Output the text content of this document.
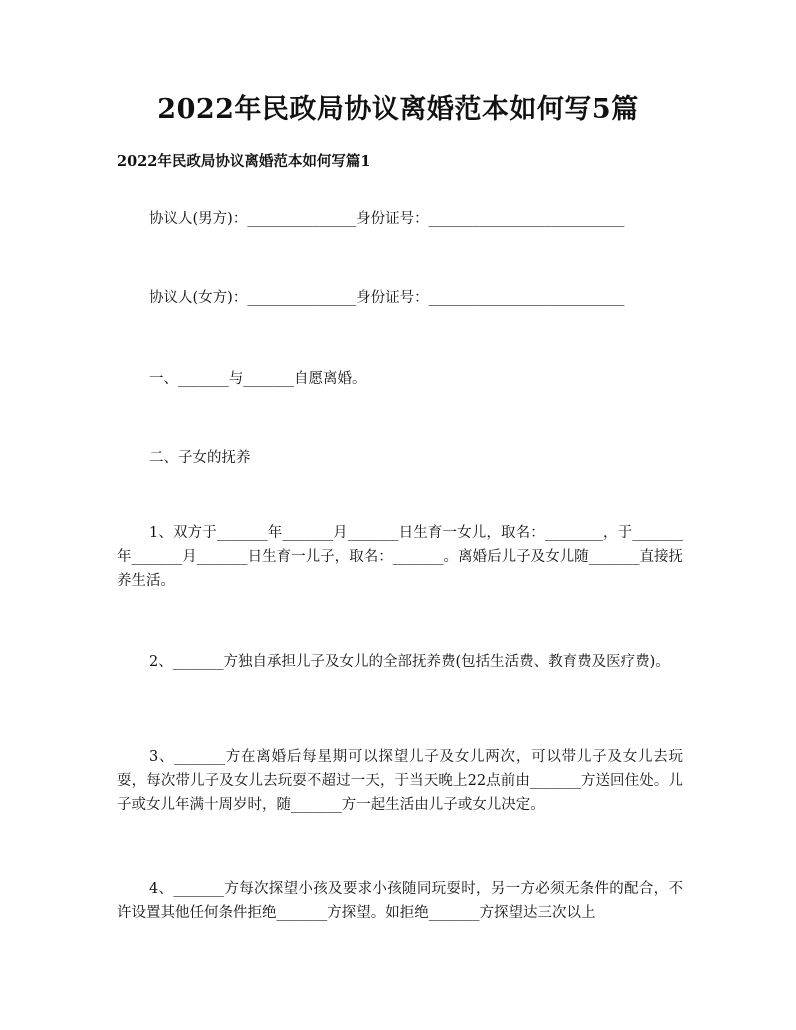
2022年民政局协议离婚范本如何写5篇
2022年民政局协议离婚范本如何写篇1
协议人(男方)：_______________身份证号：___________________________
协议人(女方)：_______________身份证号：___________________________
一、_______与_______自愿离婚。
二、子女的抚养
1、双方于_______年_______月_______日生育一女儿，取名：________，于_______年_______月_______日生育一儿子，取名：_______。离婚后儿子及女儿随_______直接抚养生活。
2、_______方独自承担儿子及女儿的全部抚养费(包括生活费、教育费及医疗费)。
3、_______方在离婚后每星期可以探望儿子及女儿两次，可以带儿子及女儿去玩耍，每次带儿子及女儿去玩耍不超过一天，于当天晚上22点前由_______方送回住处。儿子或女儿年满十周岁时，随_______方一起生活由儿子或女儿决定。
4、_______方每次探望小孩及要求小孩随同玩耍时，另一方必须无条件的配合，不许设置其他任何条件拒绝_______方探望。如拒绝_______方探望达三次以上
